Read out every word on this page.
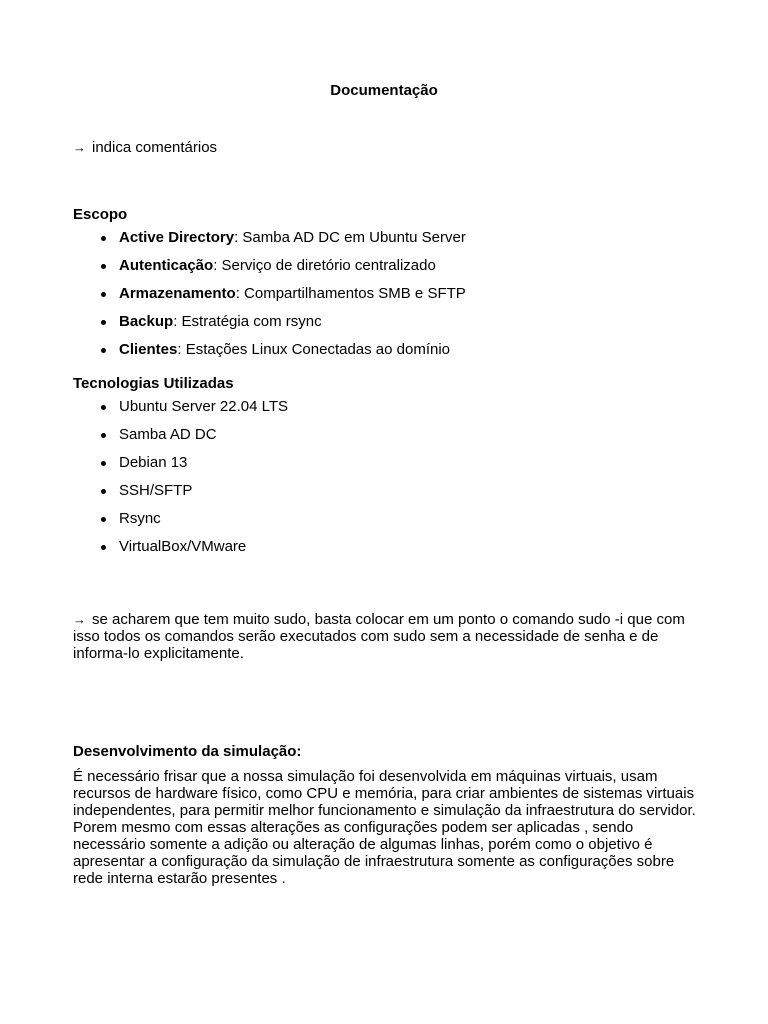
Documentação
→ indica comentários
Escopo
Active Directory: Samba AD DC em Ubuntu Server
Autenticação: Serviço de diretório centralizado
Armazenamento: Compartilhamentos SMB e SFTP
Backup: Estratégia com rsync
Clientes: Estações Linux Conectadas ao domínio
Tecnologias Utilizadas
Ubuntu Server 22.04 LTS
Samba AD DC
Debian 13
SSH/SFTP
Rsync
VirtualBox/VMware
→ se acharem que tem muito sudo, basta colocar em um ponto o comando sudo -i que com isso todos os comandos serão executados com sudo sem a necessidade de senha e de informa-lo explicitamente.
Desenvolvimento da simulação:

É necessário frisar que a nossa simulação foi desenvolvida em máquinas virtuais, usam recursos de hardware físico, como CPU e memória, para criar ambientes de sistemas virtuais independentes, para permitir melhor funcionamento e simulação da infraestrutura do servidor. Porem mesmo com essas alterações as configurações podem ser aplicadas , sendo necessário somente a adição ou alteração de algumas linhas, porém como o objetivo é apresentar a configuração da simulação de infraestrutura somente as configurações sobre rede interna estarão presentes .
